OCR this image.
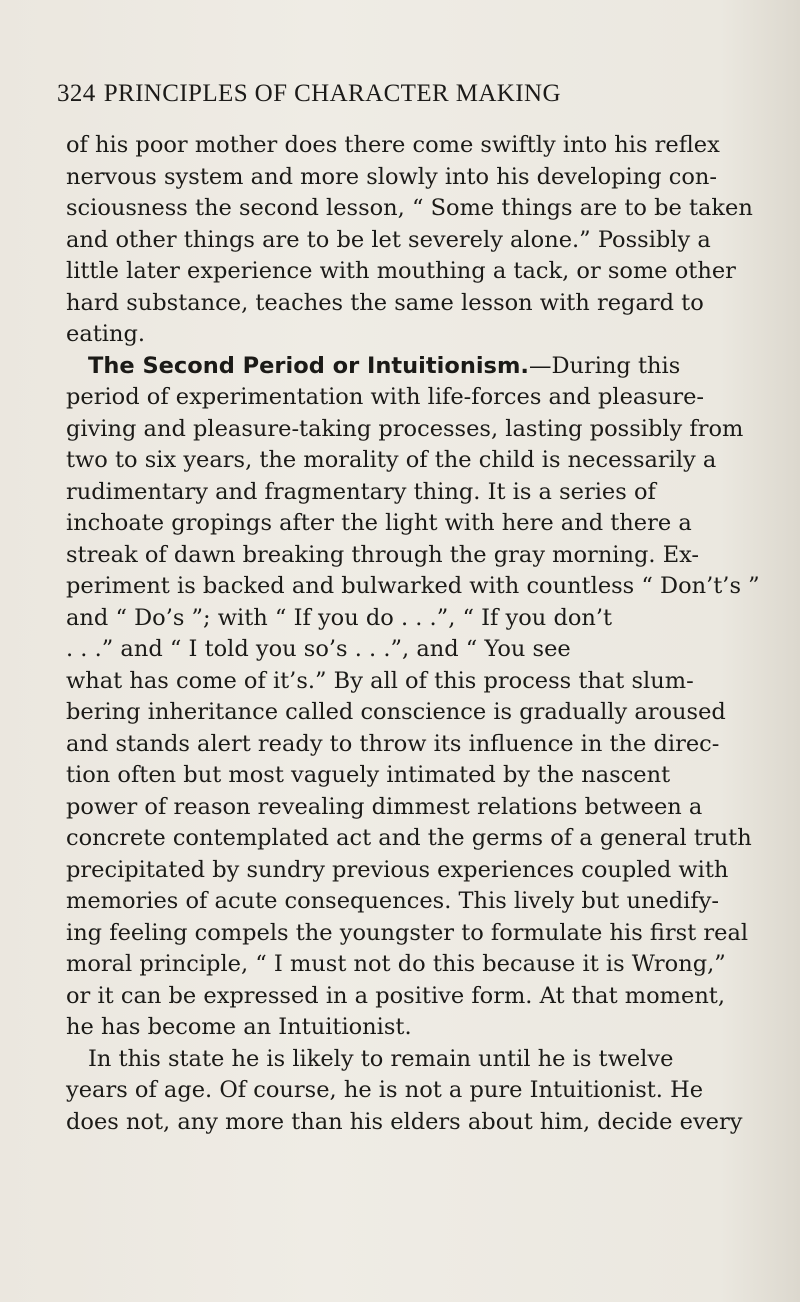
324 PRINCIPLES OF CHARACTER MAKING
of his poor mother does there come swiftly into his reflex
nervous system and more slowly into his developing con-
sciousness the second lesson, “ Some things are to be taken
and other things are to be let severely alone.” Possibly a
little later experience with mouthing a tack, or some other
hard substance, teaches the same lesson with regard to
eating.
The Second Period or Intuitionism.—During this
period of experimentation with life-forces and pleasure-
giving and pleasure-taking processes, lasting possibly from
two to six years, the morality of the child is necessarily a
rudimentary and fragmentary thing. It is a series of
inchoate gropings after the light with here and there a
streak of dawn breaking through the gray morning. Ex-
periment is backed and bulwarked with countless “ Don’t’s ”
and “ Do’s ”; with “ If you do . . .”, “ If you don’t
. . .” and “ I told you so’s . . .”, and “ You see
what has come of it’s.” By all of this process that slum-
bering inheritance called conscience is gradually aroused
and stands alert ready to throw its influence in the direc-
tion often but most vaguely intimated by the nascent
power of reason revealing dimmest relations between a
concrete contemplated act and the germs of a general truth
precipitated by sundry previous experiences coupled with
memories of acute consequences. This lively but unedify-
ing feeling compels the youngster to formulate his first real
moral principle, “ I must not do this because it is Wrong,”
or it can be expressed in a positive form. At that moment,
he has become an Intuitionist.
In this state he is likely to remain until he is twelve
years of age. Of course, he is not a pure Intuitionist. He
does not, any more than his elders about him, decide every
